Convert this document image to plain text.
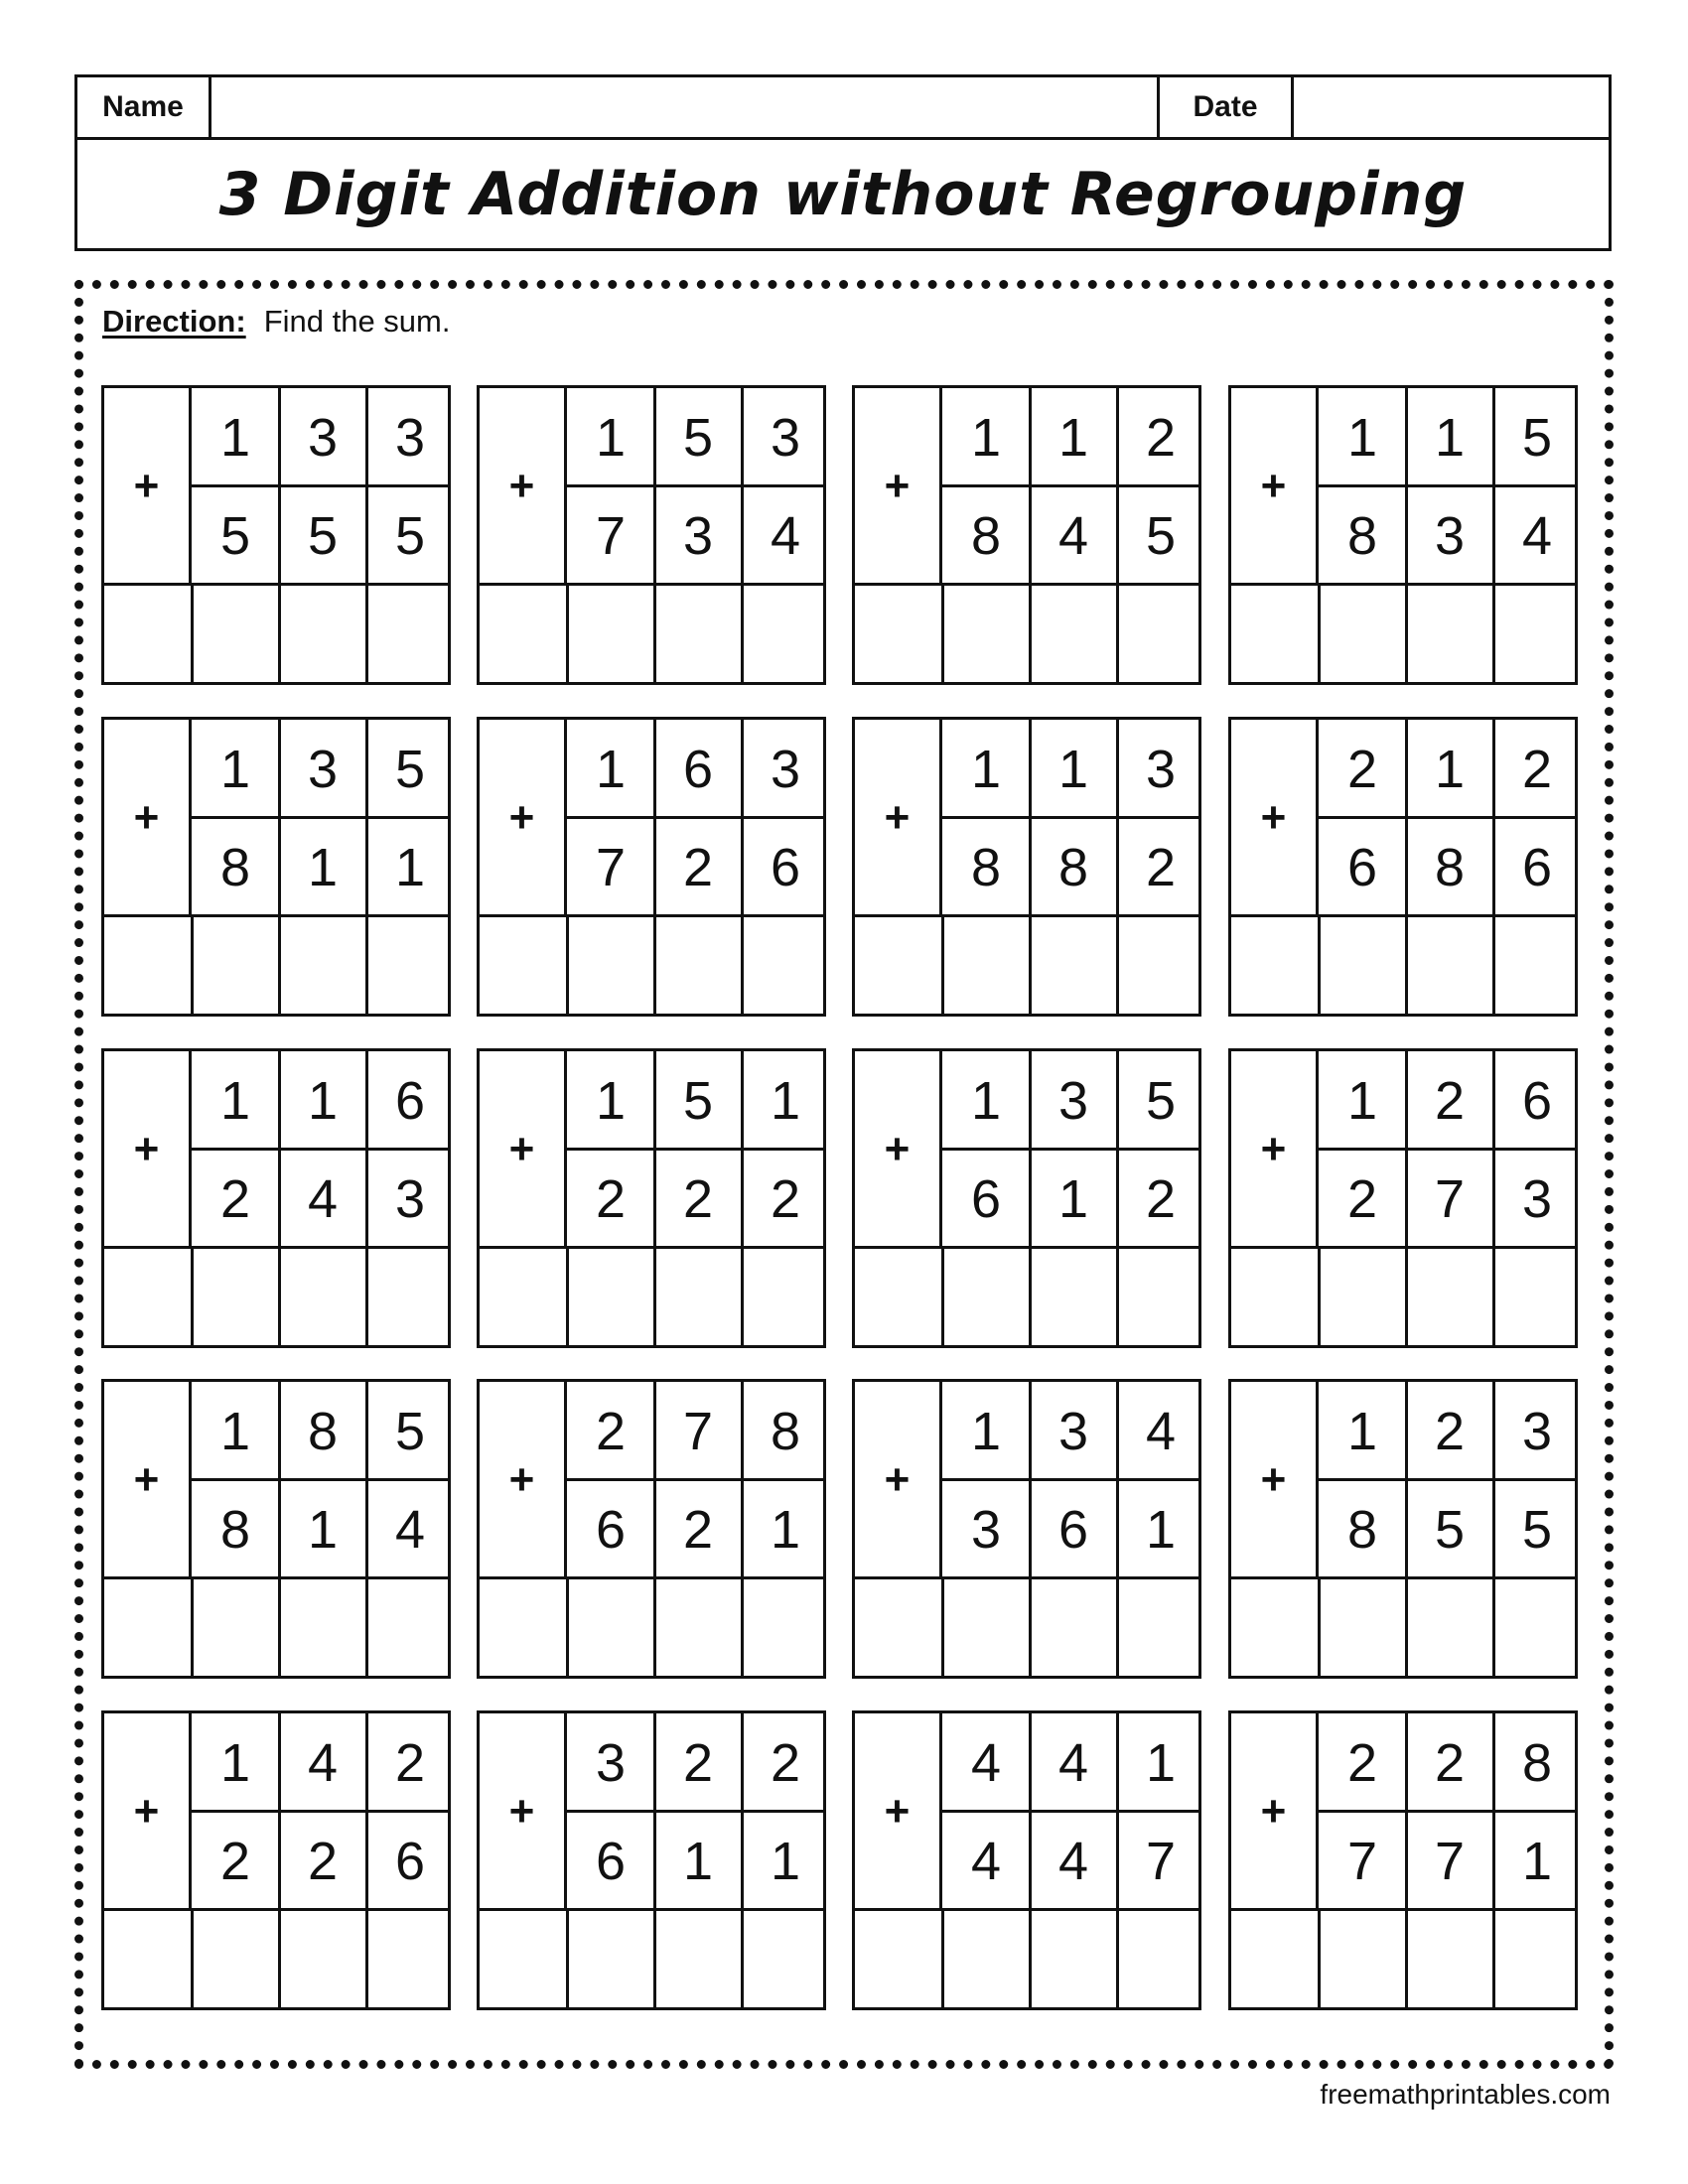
Name	Date
3 Digit Addition without Regrouping
Direction: Find the sum.
+
1	3	3
5	5	5
+
1	5	3
7	3	4
+
1	1	2
8	4	5
+
1	1	5
8	3	4
+
1	3	5
8	1	1
+
1	6	3
7	2	6
+
1	1	3
8	8	2
+
2	1	2
6	8	6
+
1	1	6
2	4	3
+
1	5	1
2	2	2
+
1	3	5
6	1	2
+
1	2	6
2	7	3
+
1	8	5
8	1	4
+
2	7	8
6	2	1
+
1	3	4
3	6	1
+
1	2	3
8	5	5
+
1	4	2
2	2	6
+
3	2	2
6	1	1
+
4	4	1
4	4	7
+
2	2	8
7	7	1
freemathprintables.com
